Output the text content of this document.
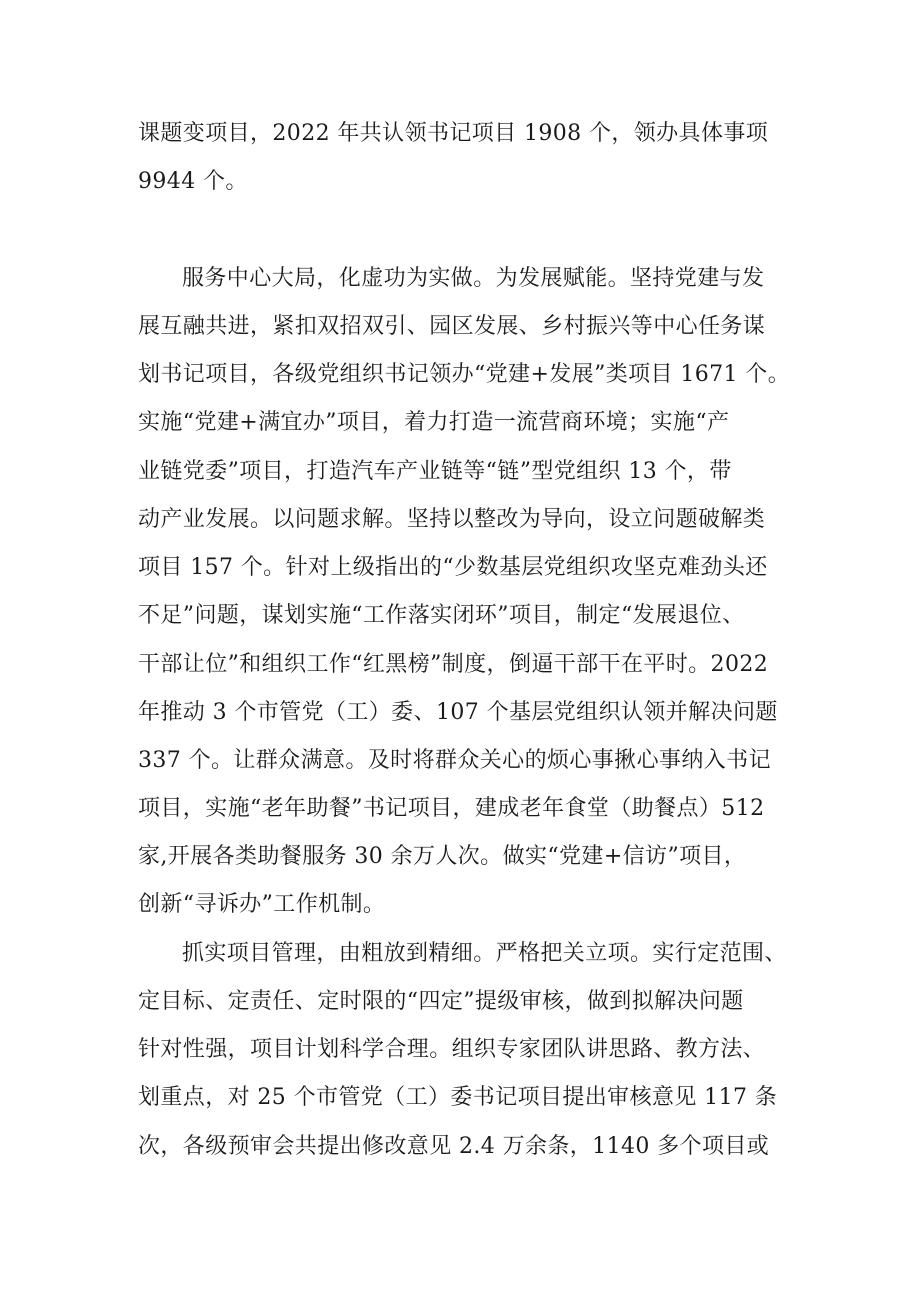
课题变项目，2022 年共认领书记项目 1908 个，领办具体事项
9944 个。
服务中心大局，化虚功为实做。为发展赋能。坚持党建与发
展互融共进，紧扣双招双引、园区发展、乡村振兴等中心任务谋
划书记项目，各级党组织书记领办“党建+发展”类项目 1671 个。
实施“党建+满宜办”项目，着力打造一流营商环境；实施“产
业链党委”项目，打造汽车产业链等“链”型党组织 13 个，带
动产业发展。以问题求解。坚持以整改为导向，设立问题破解类
项目 157 个。针对上级指出的“少数基层党组织攻坚克难劲头还
不足”问题，谋划实施“工作落实闭环”项目，制定“发展退位、
干部让位”和组织工作“红黑榜”制度，倒逼干部干在平时。2022
年推动 3 个市管党（工）委、107 个基层党组织认领并解决问题
337 个。让群众满意。及时将群众关心的烦心事揪心事纳入书记
项目，实施“老年助餐”书记项目，建成老年食堂（助餐点）512
家,开展各类助餐服务 30 余万人次。做实“党建+信访”项目，
创新“寻诉办”工作机制。
抓实项目管理，由粗放到精细。严格把关立项。实行定范围、
定目标、定责任、定时限的“四定”提级审核，做到拟解决问题
针对性强，项目计划科学合理。组织专家团队讲思路、教方法、
划重点，对 25 个市管党（工）委书记项目提出审核意见 117 条
次，各级预审会共提出修改意见 2.4 万余条，1140 多个项目或
